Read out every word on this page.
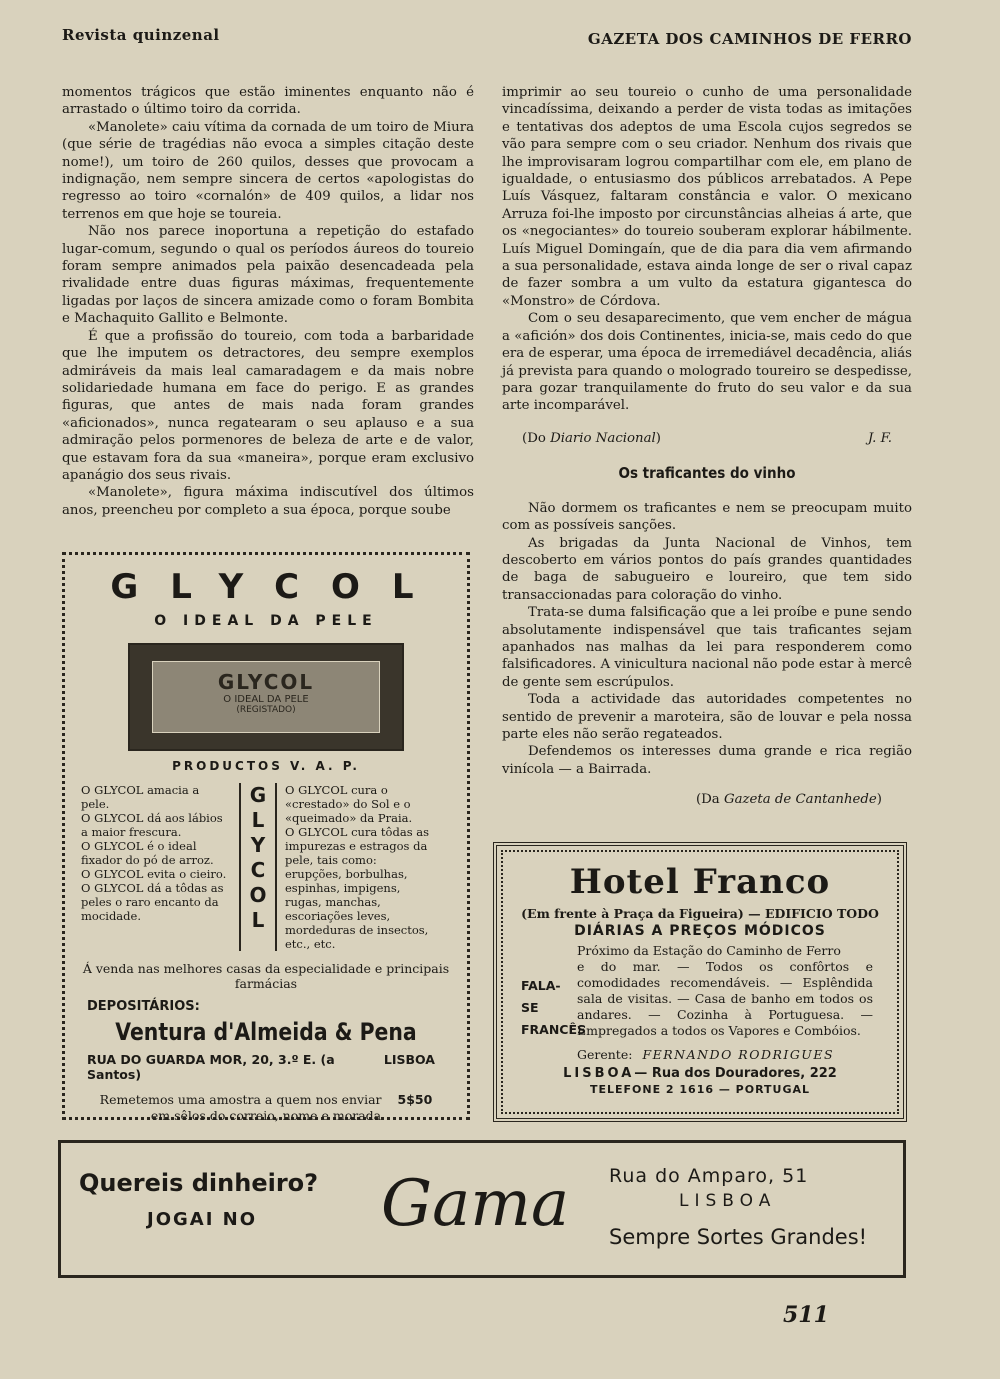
Revista quinzenal	GAZETA DOS CAMINHOS DE FERRO

momentos trágicos que estão iminentes enquanto não é arrastado o último toiro da corrida.

«Manolete» caiu vítima da cornada de um toiro de Miura (que série de tragédias não evoca a simples citação deste nome!), um toiro de 260 quilos, desses que provocam a indignação, nem sempre sincera de certos «apologistas do regresso ao toiro «cornalón» de 409 quilos, a lidar nos terrenos em que hoje se toureia.

Não nos parece inoportuna a repetição do estafado lugar-comum, segundo o qual os períodos áureos do toureio foram sempre animados pela paixão desencadeada pela rivalidade entre duas figuras máximas, frequentemente ligadas por laços de sincera amizade como o foram Bombita e Machaquito Gallito e Belmonte.

É que a profissão do toureio, com toda a barbaridade que lhe imputem os detractores, deu sempre exemplos admiráveis da mais leal camaradagem e da mais nobre solidariedade humana em face do perigo. E as grandes figuras, que antes de mais nada foram grandes «aficionados», nunca regatearam o seu aplauso e a sua admiração pelos pormenores de beleza de arte e de valor, que estavam fora da sua «maneira», porque eram exclusivo apanágio dos seus rivais.

«Manolete», figura máxima indiscutível dos últimos anos, preencheu por completo a sua época, porque soube

imprimir ao seu toureio o cunho de uma personalidade vincadíssima, deixando a perder de vista todas as imitações e tentativas dos adeptos de uma Escola cujos segredos se vão para sempre com o seu criador. Nenhum dos rivais que lhe improvisaram logrou compartilhar com ele, em plano de igualdade, o entusiasmo dos públicos arrebatados. A Pepe Luís Vásquez, faltaram constância e valor. O mexicano Arruza foi-lhe imposto por circunstâncias alheias á arte, que os «negociantes» do toureio souberam explorar hábilmente. Luís Miguel Domingaín, que de dia para dia vem afirmando a sua personalidade, estava ainda longe de ser o rival capaz de fazer sombra a um vulto da estatura gigantesca do «Monstro» de Córdova.

Com o seu desaparecimento, que vem encher de mágua a «afición» dos dois Continentes, inicia-se, mais cedo do que era de esperar, uma época de irremediável decadência, aliás já prevista para quando o mologrado toureiro se despedisse, para gozar tranquilamente do fruto do seu valor e da sua arte incomparável.

(Do Diario Nacional)	J. F.
Os traficantes do vinho

Não dormem os traficantes e nem se preocupam muito com as possíveis sanções.

As brigadas da Junta Nacional de Vinhos, tem descoberto em vários pontos do país grandes quantidades de baga de sabugueiro e loureiro, que tem sido transaccionadas para coloração do vinho.

Trata-se duma falsificação que a lei proíbe e pune sendo absolutamente indispensável que tais traficantes sejam apanhados nas malhas da lei para responderem como falsificadores. A vinicultura nacional não pode estar à mercê de gente sem escrúpulos.

Toda a actividade das autoridades competentes no sentido de prevenir a maroteira, são de louvar e pela nossa parte eles não serão regateados.

Defendemos os interesses duma grande e rica região vinícola — a Bairrada.

(Da Gazeta de Cantanhede)
GLYCOL
O IDEAL DA PELE
GLYCOL
O IDEAL DA PELE
(REGISTADO)
PRODUCTOS V. A. P.
O GLYCOL amacia a pele.
O GLYCOL dá aos lábios a maior frescura.
O GLYCOL é o ideal fixador do pó de arroz.
O GLYCOL evita o cieiro.
O GLYCOL dá a tôdas as peles o raro encanto da mocidade.
G
L
Y
C
O
L
O GLYCOL cura o «crestado» do Sol e o «queimado» da Praia.
O GLYCOL cura tôdas as impurezas e estragos da pele, tais como: erupções, borbulhas, espinhas, impigens, rugas, manchas, escoriações leves, mordeduras de insectos, etc., etc.
Á venda nas melhores casas da especialidade e principais farmácias
DEPOSITÁRIOS:
Ventura d'Almeida & Pena
RUA DO GUARDA MOR, 20, 3.º E. (a Santos)
LISBOA
Remetemos uma amostra a quem nos enviar 5$50
em sêlos do correio, nome e morada
Hotel Franco
(Em frente à Praça da Figueira) — EDIFICIO TODO
DIÁRIAS A PREÇOS MÓDICOS
FALA-SE
FRANCÊS
Próximo da Estação do Caminho de Ferro
e do mar. — Todos os confôrtos e comodidades recomendáveis. — Esplêndida sala de visitas. — Casa de banho em todos os andares. — Cozinha à Portuguesa. — Empregados a todos os Vapores e Combóios.
Gerente: FERNANDO RODRIGUES
LISBOA— Rua dos Douradores, 222
TELEFONE 2 1616 — PORTUGAL
Quereis dinheiro?
JOGAI NO Gama Rua do Amparo, 51
LISBOA
Sempre Sortes Grandes!
511
